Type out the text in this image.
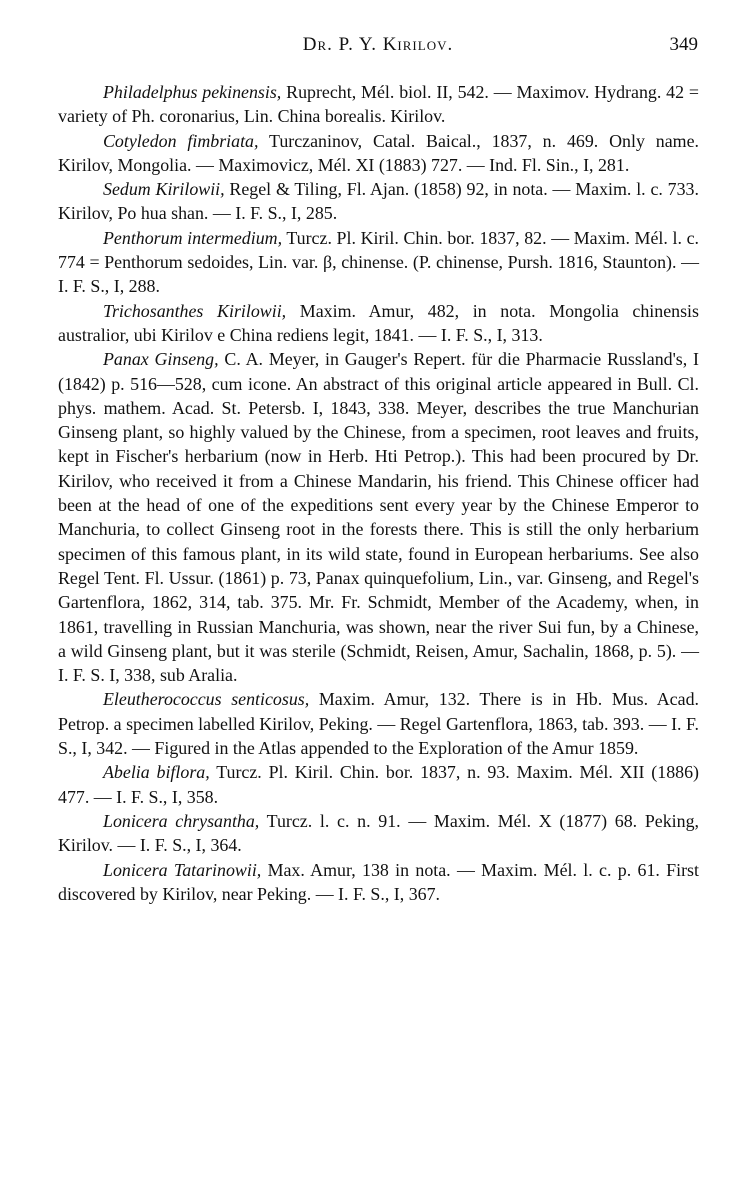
Dr. P. Y. Kirilov.	349

Philadelphus pekinensis, Ruprecht, Mél. biol. II, 542. — Maximov. Hydrang. 42 = variety of Ph. coronarius, Lin. China borealis. Kirilov.

Cotyledon fimbriata, Turczaninov, Catal. Baical., 1837, n. 469. Only name. Kirilov, Mongolia. — Maximovicz, Mél. XI (1883) 727. — Ind. Fl. Sin., I, 281.

Sedum Kirilowii, Regel & Tiling, Fl. Ajan. (1858) 92, in nota. — Maxim. l. c. 733. Kirilov, Po hua shan. — I. F. S., I, 285.

Penthorum intermedium, Turcz. Pl. Kiril. Chin. bor. 1837, 82. — Maxim. Mél. l. c. 774 = Penthorum sedoides, Lin. var. β, chinense. (P. chinense, Pursh. 1816, Staunton). — I. F. S., I, 288.

Trichosanthes Kirilowii, Maxim. Amur, 482, in nota. Mongolia chinensis australior, ubi Kirilov e China rediens legit, 1841. — I. F. S., I, 313.

Panax Ginseng, C. A. Meyer, in Gauger's Repert. für die Pharmacie Russland's, I (1842) p. 516—528, cum icone. An abstract of this original article appeared in Bull. Cl. phys. mathem. Acad. St. Petersb. I, 1843, 338. Meyer, describes the true Manchurian Ginseng plant, so highly valued by the Chinese, from a specimen, root leaves and fruits, kept in Fischer's herbarium (now in Herb. Hti Petrop.). This had been procured by Dr. Kirilov, who received it from a Chinese Mandarin, his friend. This Chinese officer had been at the head of one of the expeditions sent every year by the Chinese Emperor to Manchuria, to collect Ginseng root in the forests there. This is still the only herbarium specimen of this famous plant, in its wild state, found in European herbariums. See also Regel Tent. Fl. Ussur. (1861) p. 73, Panax quinquefolium, Lin., var. Ginseng, and Regel's Gartenflora, 1862, 314, tab. 375. Mr. Fr. Schmidt, Member of the Academy, when, in 1861, travelling in Russian Manchuria, was shown, near the river Sui fun, by a Chinese, a wild Ginseng plant, but it was sterile (Schmidt, Reisen, Amur, Sachalin, 1868, p. 5). — I. F. S. I, 338, sub Aralia.

Eleutherococcus senticosus, Maxim. Amur, 132. There is in Hb. Mus. Acad. Petrop. a specimen labelled Kirilov, Peking. — Regel Gartenflora, 1863, tab. 393. — I. F. S., I, 342. — Figured in the Atlas appended to the Exploration of the Amur 1859.

Abelia biflora, Turcz. Pl. Kiril. Chin. bor. 1837, n. 93. Maxim. Mél. XII (1886) 477. — I. F. S., I, 358.

Lonicera chrysantha, Turcz. l. c. n. 91. — Maxim. Mél. X (1877) 68. Peking, Kirilov. — I. F. S., I, 364.

Lonicera Tatarinowii, Max. Amur, 138 in nota. — Maxim. Mél. l. c. p. 61. First discovered by Kirilov, near Peking. — I. F. S., I, 367.
